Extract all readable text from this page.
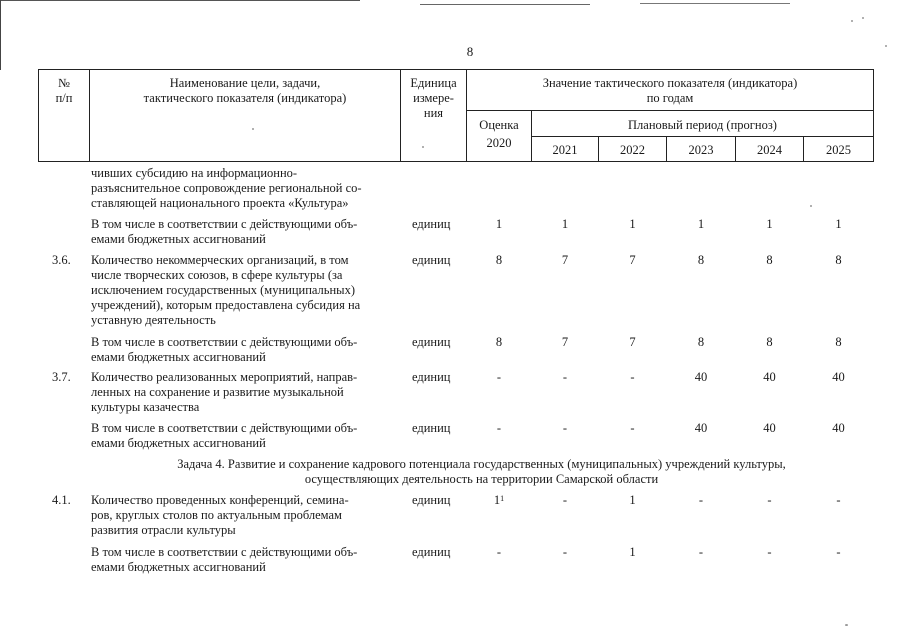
8
№
п/п
Наименование цели, задачи,
тактического показателя (индикатора)
Единица
измере-
ния
Значение тактического показателя (индикатора)
по годам
Оценка
2020
Плановый период (прогноз)
2021	2022	2023	2024	2025
чивших субсидию на информационно-
разъяснительное сопровождение региональной со-
ставляющей национального проекта «Культура»
В том числе в соответствии с действующими объ-
емами бюджетных ассигнований
единиц	1	1	1	1	1	1
3.6.	Количество некоммерческих организаций, в том
числе творческих союзов, в сфере культуры (за
исключением государственных (муниципальных)
учреждений), которым предоставлена субсидия на
уставную деятельность
единиц	8	7	7	8	8	8
В том числе в соответствии с действующими объ-
емами бюджетных ассигнований
единиц	8	7	7	8	8	8
3.7.	Количество реализованных мероприятий, направ-
ленных на сохранение и развитие музыкальной
культуры казачества
единиц	-	-	-	40	40	40
В том числе в соответствии с действующими объ-
емами бюджетных ассигнований
единиц	-	-	-	40	40	40
Задача 4. Развитие и сохранение кадрового потенциала государственных (муниципальных) учреждений культуры,
осуществляющих деятельность на территории Самарской области
4.1.	Количество проведенных конференций, семина-
ров, круглых столов по актуальным проблемам
развития отрасли культуры
единиц	$1^1$	-	1	-	-	-
В том числе в соответствии с действующими объ-
емами бюджетных ассигнований
единиц	-	-	1	-	-	-
